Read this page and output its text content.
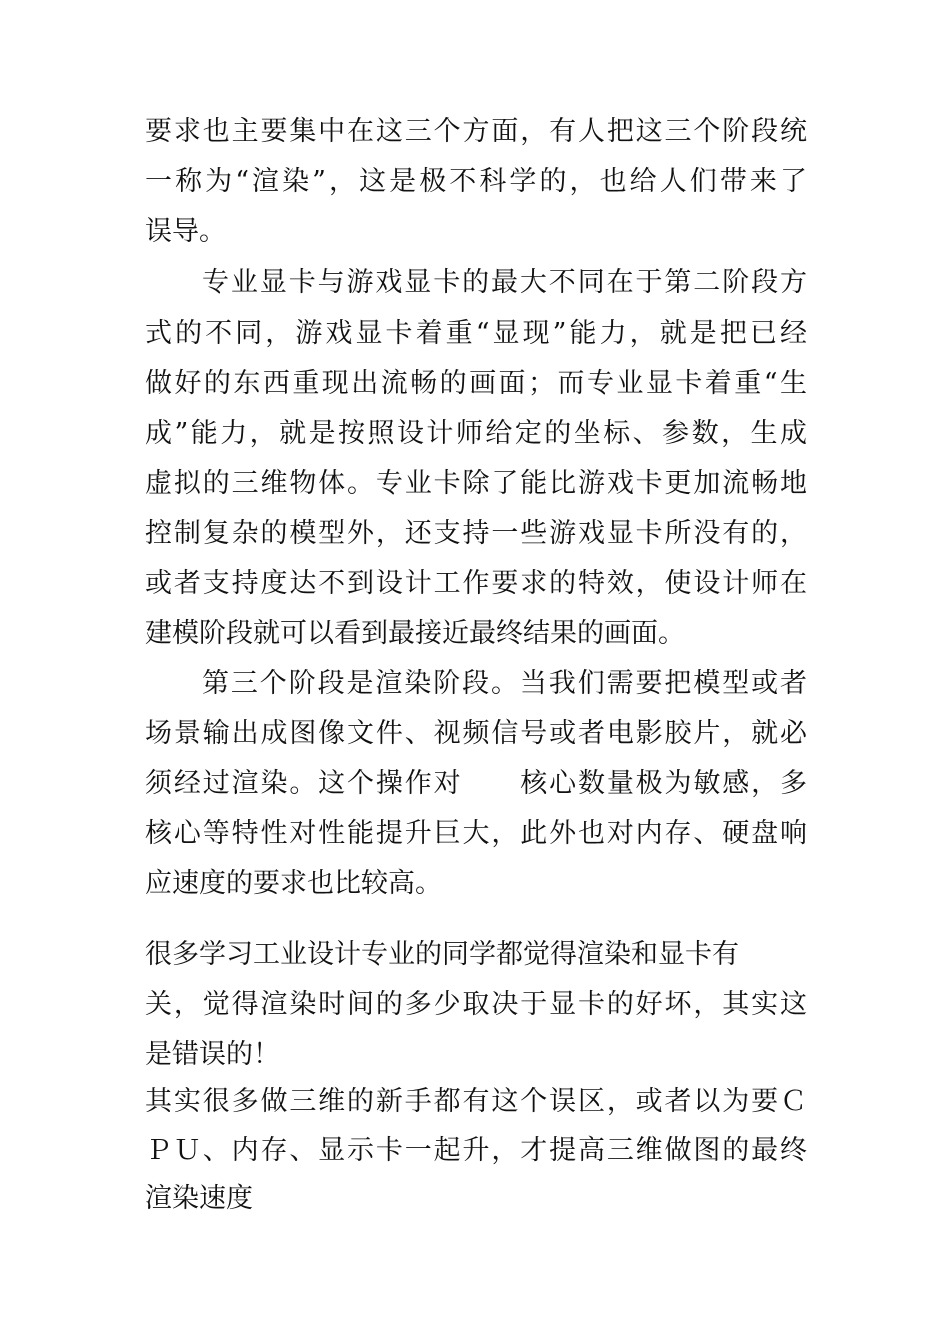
要求也主要集中在这三个方面，有人把这三个阶段统
一称为“渲染”，这是极不科学的，也给人们带来了
误导。
专业显卡与游戏显卡的最大不同在于第二阶段方
式的不同，游戏显卡着重“显现”能力，就是把已经
做好的东西重现出流畅的画面；而专业显卡着重“生
成”能力，就是按照设计师给定的坐标、参数，生成
虚拟的三维物体。专业卡除了能比游戏卡更加流畅地
控制复杂的模型外，还支持一些游戏显卡所没有的，
或者支持度达不到设计工作要求的特效，使设计师在
建模阶段就可以看到最接近最终结果的画面。
第三个阶段是渲染阶段。当我们需要把模型或者
场景输出成图像文件、视频信号或者电影胶片，就必
须经过渲染。这个操作对　　核心数量极为敏感，多
核心等特性对性能提升巨大，此外也对内存、硬盘响
应速度的要求也比较高。
很多学习工业设计专业的同学都觉得渲染和显卡有
关，觉得渲染时间的多少取决于显卡的好坏，其实这
是错误的！
其实很多做三维的新手都有这个误区，或者以为要Ｃ
ＰＵ、内存、显示卡一起升，才提高三维做图的最终
渲染速度
